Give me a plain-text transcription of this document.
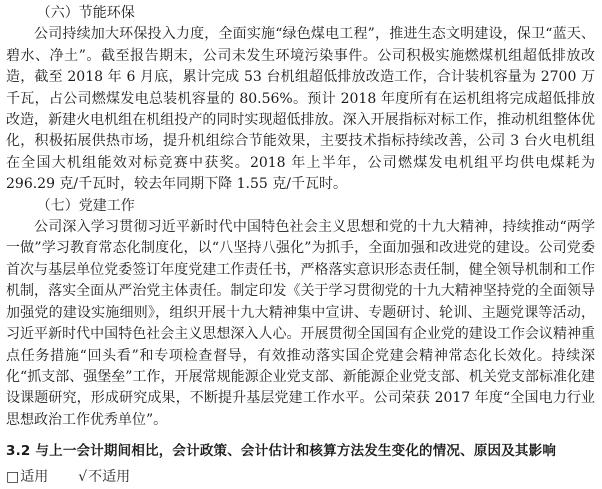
（六）节能环保

公司持续加大环保投入力度，全面实施“绿色煤电工程”，推进生态文明建设，保卫“蓝天、碧水、净土”。截至报告期末，公司未发生环境污染事件。公司积极实施燃煤机组超低排放改造，截至 2018 年 6 月底，累计完成 53 台机组超低排放改造工作，合计装机容量为 2700 万千瓦，占公司燃煤发电总装机容量的 80.56%。预计 2018 年度所有在运机组将完成超低排放改造，新建火电机组在机组投产的同时实现超低排放。深入开展指标对标工作，推动机组整体优化，积极拓展供热市场，提升机组综合节能效果，主要技术指标持续改善，公司 3 台火电机组在全国大机组能效对标竞赛中获奖。2018 年上半年，公司燃煤发电机组平均供电煤耗为 296.29 克/千瓦时，较去年同期下降 1.55 克/千瓦时。

（七）党建工作

公司深入学习贯彻习近平新时代中国特色社会主义思想和党的十九大精神，持续推动“两学一做”学习教育常态化制度化，以“八坚持八强化”为抓手，全面加强和改进党的建设。公司党委首次与基层单位党委签订年度党建工作责任书，严格落实意识形态责任制，健全领导机制和工作机制，落实全面从严治党主体责任。制定印发《关于学习贯彻党的十九大精神坚持党的全面领导加强党的建设实施细则》，组织开展十九大精神集中宣讲、专题研讨、轮训、主题党课等活动，习近平新时代中国特色社会主义思想深入人心。开展贯彻全国国有企业党的建设工作会议精神重点任务措施“回头看”和专项检查督导，有效推动落实国企党建会精神常态化长效化。持续深化“抓支部、强堡垒”工作，开展常规能源企业党支部、新能源企业党支部、机关党支部标准化建设课题研究，形成研究成果，不断提升基层党建工作水平。公司荣获 2017 年度“全国电力行业思想政治工作优秀单位”。

3.2 与上一会计期间相比，会计政策、会计估计和核算方法发生变化的情况、原因及其影响
□适用 √不适用
